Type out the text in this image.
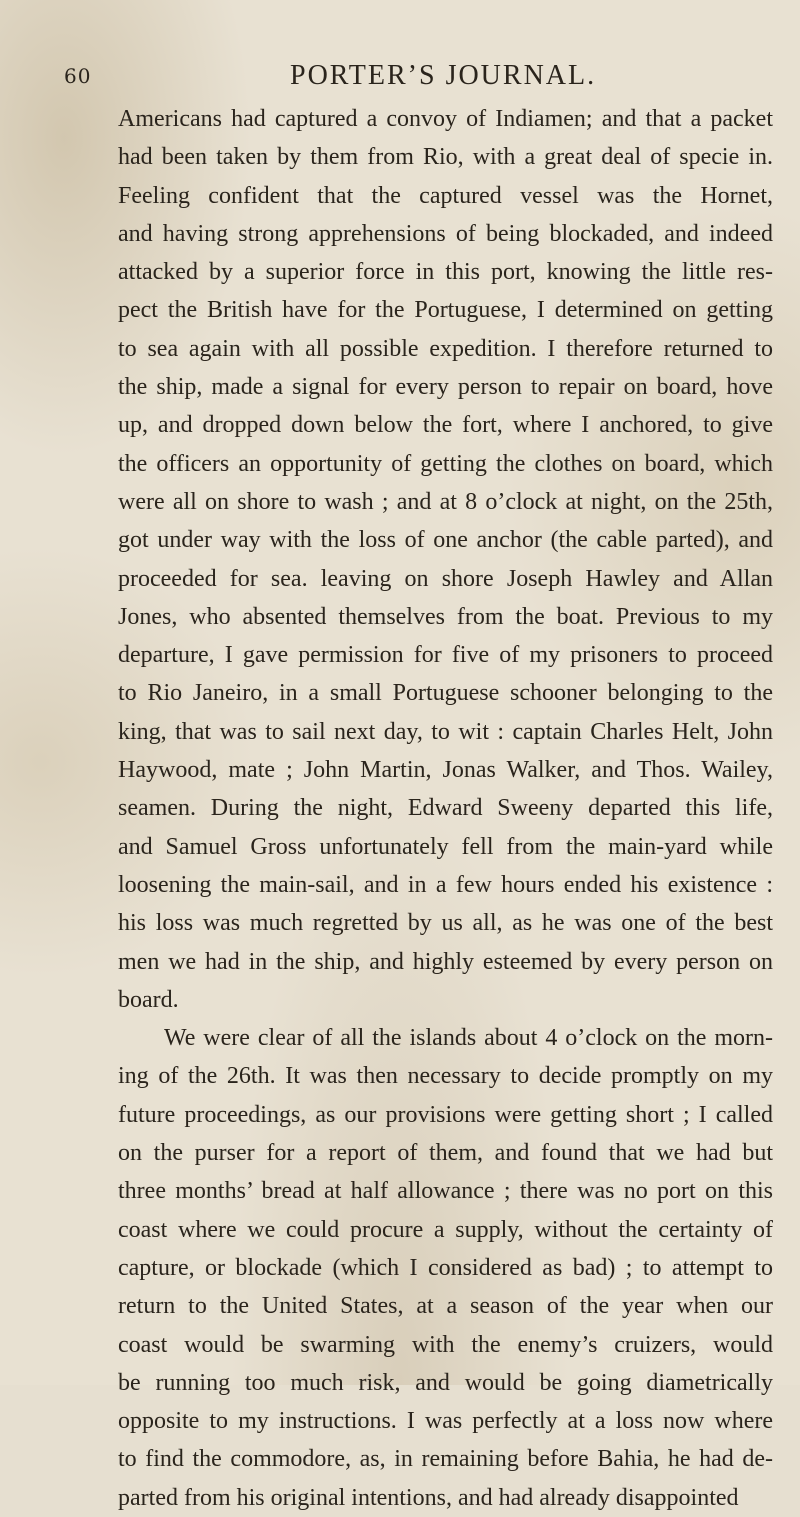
60	PORTER’S JOURNAL.

Americans had captured a convoy of Indiamen; and that a packet

had been taken by them from Rio, with a great deal of specie in.

Feeling confident that the captured vessel was the Hornet,

and having strong apprehensions of being blockaded, and indeed

attacked by a superior force in this port, knowing the little res-

pect the British have for the Portuguese, I determined on getting

to sea again with all possible expedition. I therefore returned to

the ship, made a signal for every person to repair on board, hove

up, and dropped down below the fort, where I anchored, to give

the officers an opportunity of getting the clothes on board, which

were all on shore to wash ; and at 8 o’clock at night, on the 25th,

got under way with the loss of one anchor (the cable parted), and

proceeded for sea. leaving on shore Joseph Hawley and Allan

Jones, who absented themselves from the boat. Previous to my

departure, I gave permission for five of my prisoners to proceed

to Rio Janeiro, in a small Portuguese schooner belonging to the

king, that was to sail next day, to wit : captain Charles Helt, John

Haywood, mate ; John Martin, Jonas Walker, and Thos. Wailey,

seamen. During the night, Edward Sweeny departed this life,

and Samuel Gross unfortunately fell from the main-yard while

loosening the main-sail, and in a few hours ended his existence :

his loss was much regretted by us all, as he was one of the best

men we had in the ship, and highly esteemed by every person on

board.

We were clear of all the islands about 4 o’clock on the morn-

ing of the 26th. It was then necessary to decide promptly on my

future proceedings, as our provisions were getting short ; I called

on the purser for a report of them, and found that we had but

three months’ bread at half allowance ; there was no port on this

coast where we could procure a supply, without the certainty of

capture, or blockade (which I considered as bad) ; to attempt to

return to the United States, at a season of the year when our

coast would be swarming with the enemy’s cruizers, would

be running too much risk, and would be going diametrically

opposite to my instructions. I was perfectly at a loss now where

to find the commodore, as, in remaining before Bahia, he had de-

parted from his original intentions, and had already disappointed
